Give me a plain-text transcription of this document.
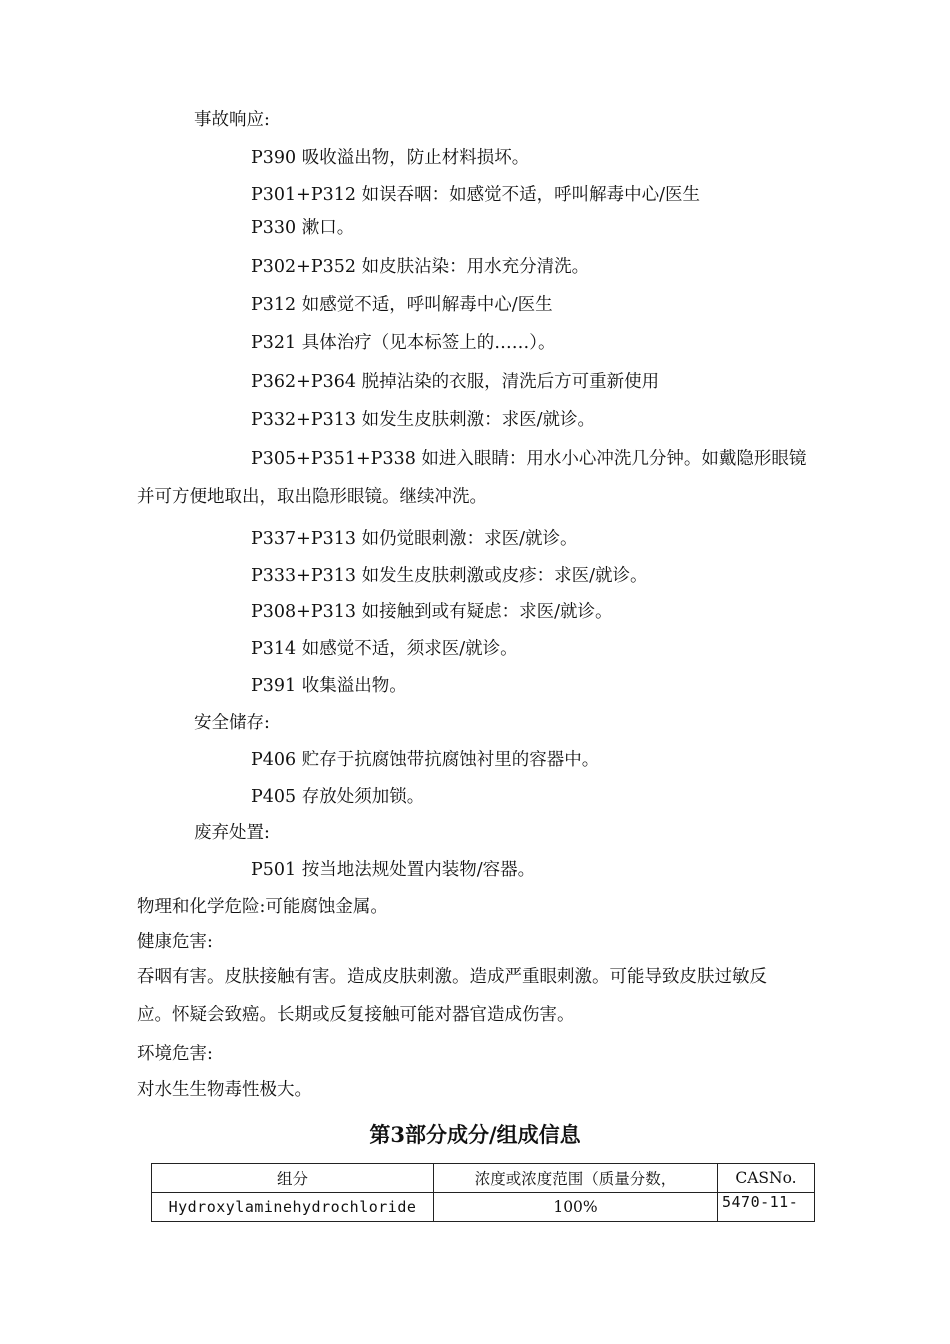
事故响应:

P390 吸收溢出物，防止材料损坏。

P301+P312 如误吞咽：如感觉不适，呼叫解毒中心/医生

P330 漱口。

P302+P352 如皮肤沾染：用水充分清洗。

P312 如感觉不适，呼叫解毒中心/医生

P321 具体治疗（见本标签上的……）。

P362+P364 脱掉沾染的衣服，清洗后方可重新使用

P332+P313 如发生皮肤刺激：求医/就诊。

P305+P351+P338 如进入眼睛：用水小心冲洗几分钟。如戴隐形眼镜

并可方便地取出，取出隐形眼镜。继续冲洗。

P337+P313 如仍觉眼刺激：求医/就诊。

P333+P313 如发生皮肤刺激或皮疹：求医/就诊。

P308+P313 如接触到或有疑虑：求医/就诊。

P314 如感觉不适，须求医/就诊。

P391 收集溢出物。

安全储存:

P406 贮存于抗腐蚀带抗腐蚀衬里的容器中。

P405 存放处须加锁。

废弃处置:

P501 按当地法规处置内装物/容器。

物理和化学危险:可能腐蚀金属。

健康危害:

吞咽有害。皮肤接触有害。造成皮肤刺激。造成严重眼刺激。可能导致皮肤过敏反

应。怀疑会致癌。长期或反复接触可能对器官造成伤害。

环境危害:

对水生生物毒性极大。

第3部分成分/组成信息
组分	浓度或浓度范围（质量分数，	CASNo.
Hydroxylaminehydrochloride	100%	5470-11-
